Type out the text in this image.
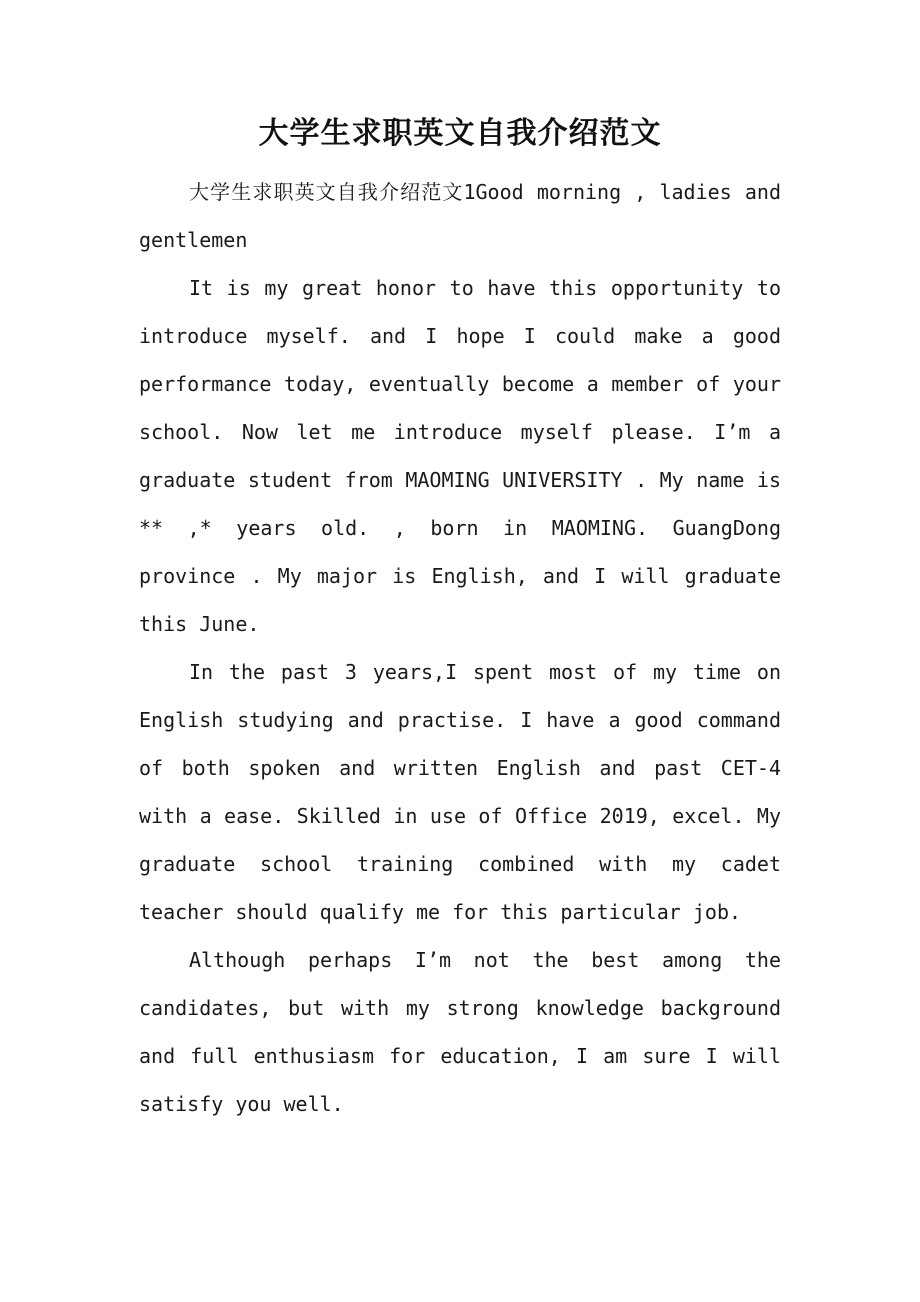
大学生求职英文自我介绍范文

大学生求职英文自我介绍范文1Good morning , ladies and gentlemen

It is my great honor to have this opportunity to introduce myself. and I hope I could make a good performance today, eventually become a member of your school. Now let me introduce myself please. I’m a graduate student from MAOMING UNIVERSITY . My name is ** ,* years old. , born in MAOMING. GuangDong province . My major is English, and I will graduate this June.

In the past 3 years,I spent most of my time on English studying and practise. I have a good command of both spoken and written English and past CET-4 with a ease. Skilled in use of Office 2019, excel. My graduate school training combined with my cadet teacher should qualify me for this particular job.

Although perhaps I’m not the best among the candidates, but with my strong knowledge background and full enthusiasm for education, I am sure I will satisfy you well.
